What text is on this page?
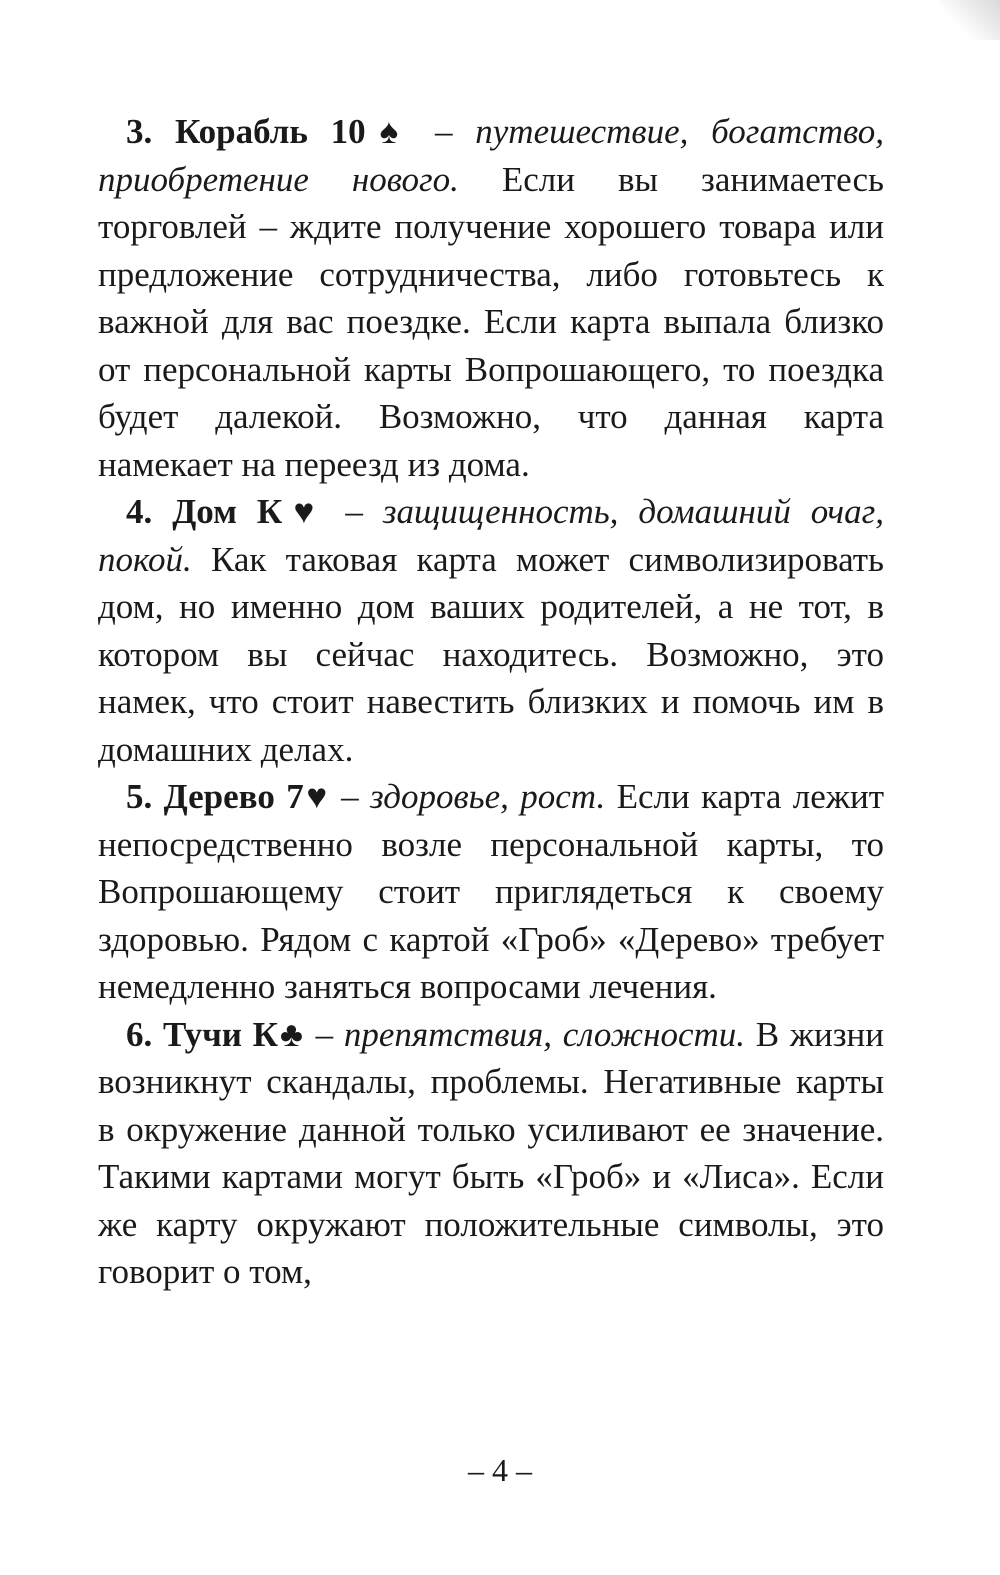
3. Корабль 10♠ – путешествие, богатство, приобретение нового. Если вы занимаетесь торговлей – ждите получение хорошего товара или предложение сотрудничества, либо готовьтесь к важной для вас поездке. Если карта выпала близко от персональной карты Вопрошающего, то поездка будет далекой. Возможно, что данная карта намекает на переезд из дома.

4. Дом К♥ – защищенность, домашний очаг, покой. Как таковая карта может символизировать дом, но именно дом ваших родителей, а не тот, в котором вы сейчас находитесь. Возможно, это намек, что стоит навестить близких и помочь им в домашних делах.

5. Дерево 7♥ – здоровье, рост. Если карта лежит непосредственно возле персональной карты, то Вопрошающему стоит приглядеться к своему здоровью. Рядом с картой «Гроб» «Дерево» требует немедленно заняться вопросами лечения.

6. Тучи К♣ – препятствия, сложности. В жизни возникнут скандалы, проблемы. Негативные карты в окружение данной только усиливают ее значение. Такими картами могут быть «Гроб» и «Лиса». Если же карту окружают положительные символы, это говорит о том,

– 4 –
